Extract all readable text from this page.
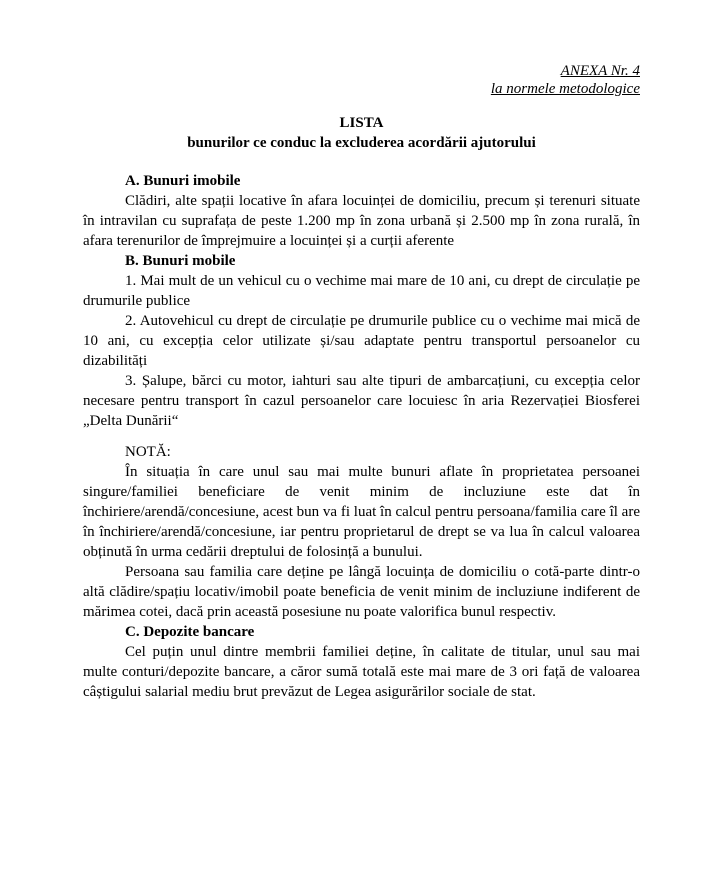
ANEXA Nr. 4
la normele metodologice
LISTA
bunurilor ce conduc la excluderea acordării ajutorului

A. Bunuri imobile

Clădiri, alte spații locative în afara locuinței de domiciliu, precum și terenuri situate în intravilan cu suprafața de peste 1.200 mp în zona urbană și 2.500 mp în zona rurală, în afara terenurilor de împrejmuire a locuinței și a curții aferente

B. Bunuri mobile

1. Mai mult de un vehicul cu o vechime mai mare de 10 ani, cu drept de circulație pe drumurile publice

2. Autovehicul cu drept de circulație pe drumurile publice cu o vechime mai mică de 10 ani, cu excepția celor utilizate și/sau adaptate pentru transportul persoanelor cu dizabilități

3. Șalupe, bărci cu motor, iahturi sau alte tipuri de ambarcațiuni, cu excepția celor necesare pentru transport în cazul persoanelor care locuiesc în aria Rezervației Biosferei „Delta Dunării“

NOTĂ:

În situația în care unul sau mai multe bunuri aflate în proprietatea persoanei singure/familiei beneficiare de venit minim de incluziune este dat în închiriere/arendă/concesiune, acest bun va fi luat în calcul pentru persoana/familia care îl are în închiriere/arendă/concesiune, iar pentru proprietarul de drept se va lua în calcul valoarea obținută în urma cedării dreptului de folosință a bunului.

Persoana sau familia care deține pe lângă locuința de domiciliu o cotă-parte dintr-o altă clădire/spațiu locativ/imobil poate beneficia de venit minim de incluziune indiferent de mărimea cotei, dacă prin această posesiune nu poate valorifica bunul respectiv.

C. Depozite bancare

Cel puțin unul dintre membrii familiei deține, în calitate de titular, unul sau mai multe conturi/depozite bancare, a căror sumă totală este mai mare de 3 ori față de valoarea câștigului salarial mediu brut prevăzut de Legea asigurărilor sociale de stat.
